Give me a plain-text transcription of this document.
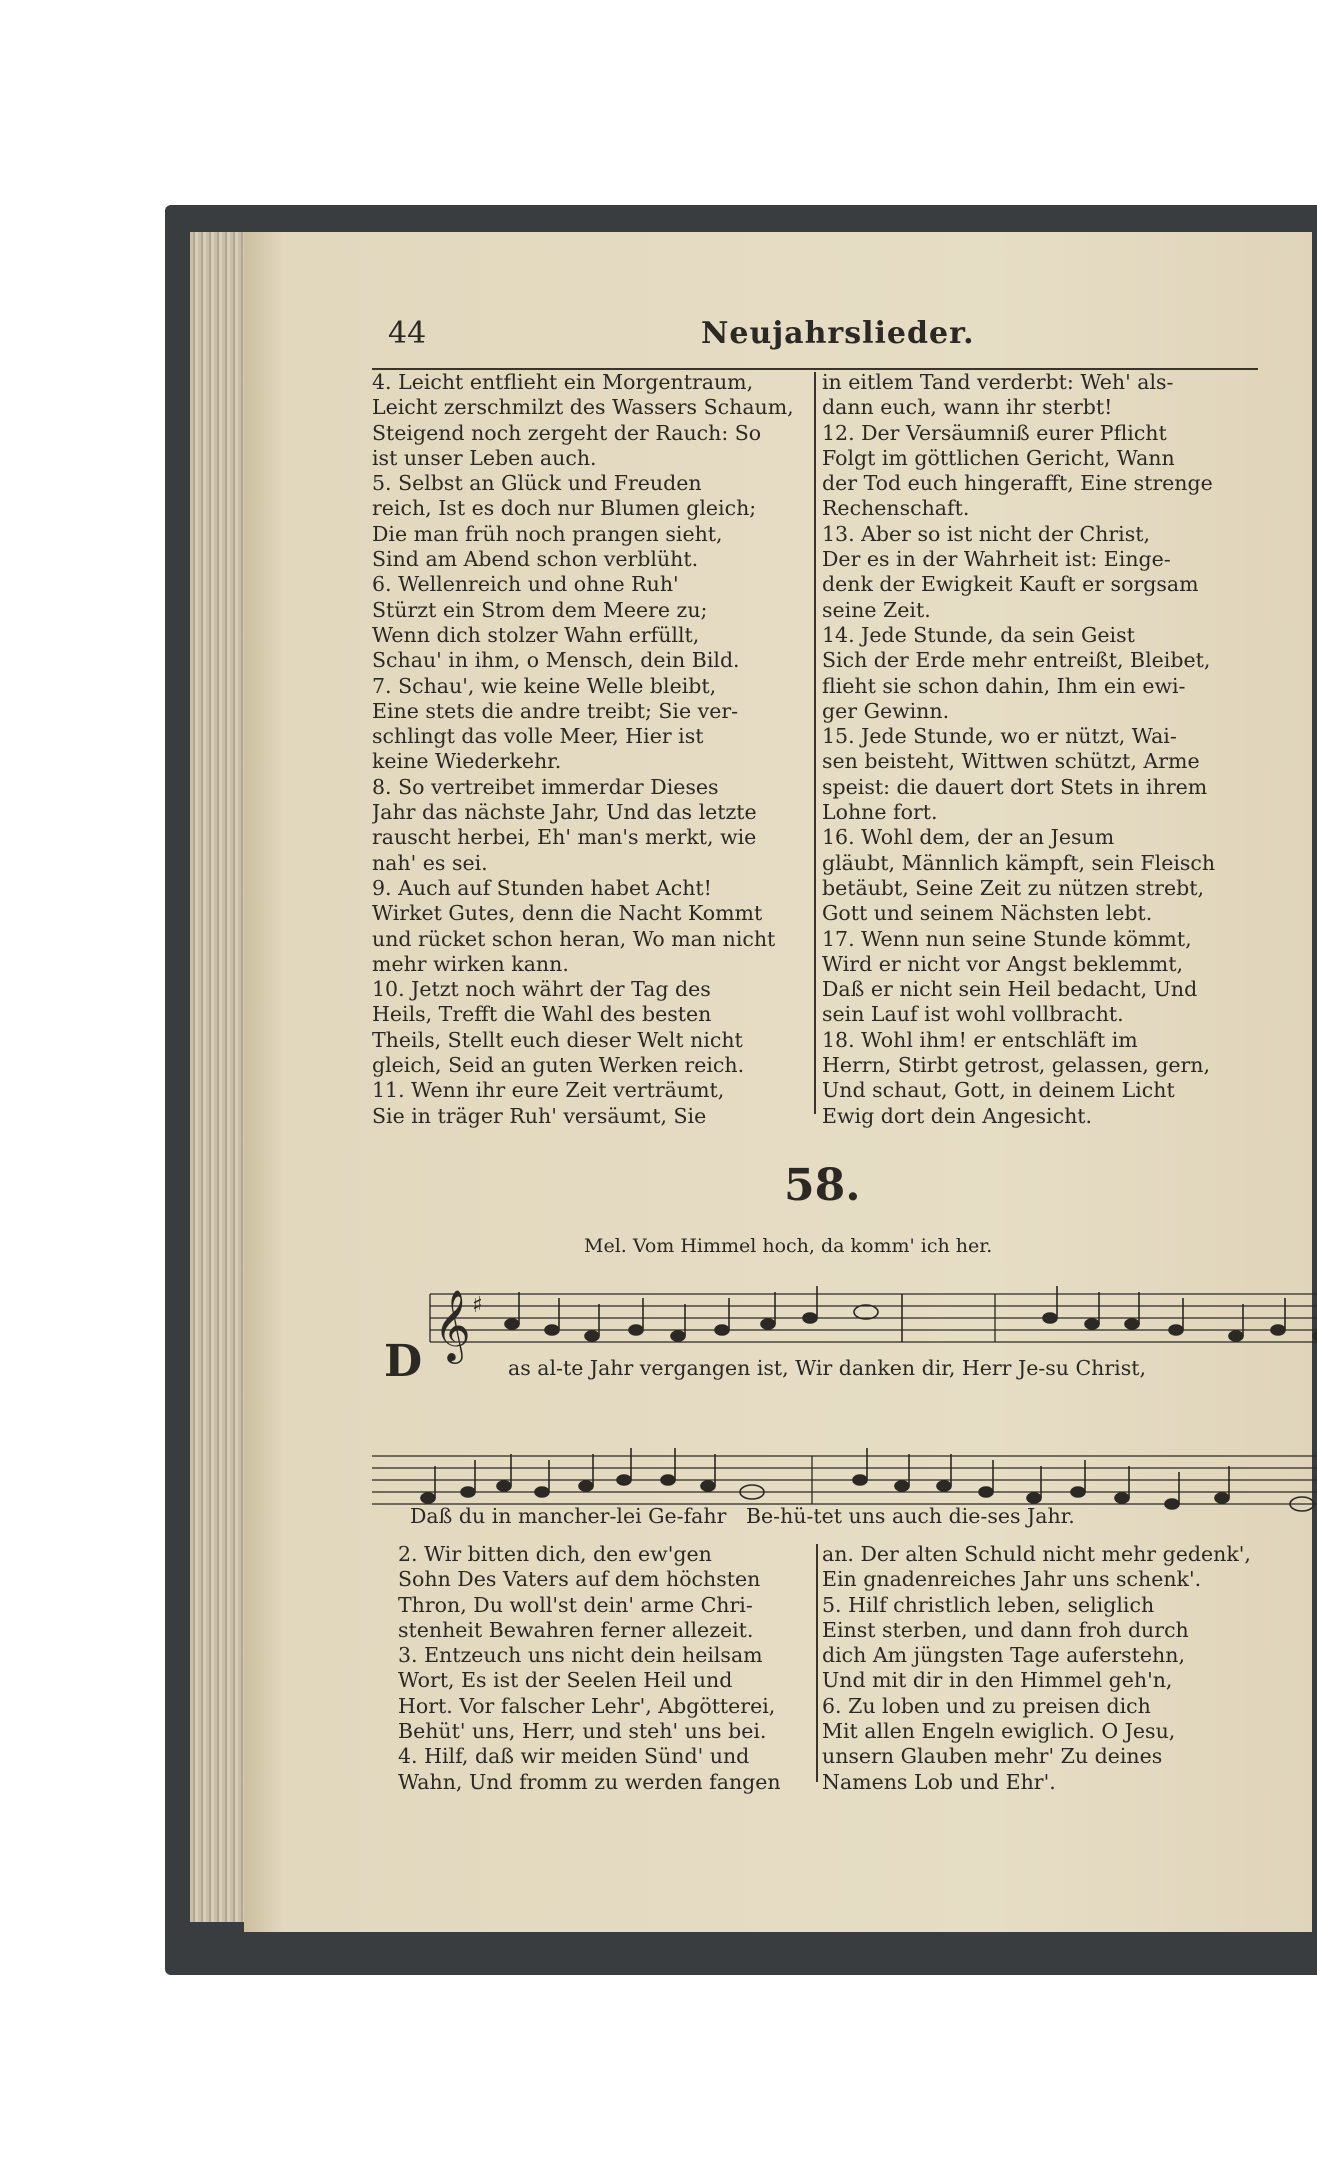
44	Neujahrslieder.
4. Leicht entflieht ein Morgentraum,
Leicht zerschmilzt des Wassers Schaum,
Steigend noch zergeht der Rauch: So
ist unser Leben auch.
5. Selbst an Glück und Freuden
reich, Ist es doch nur Blumen gleich;
Die man früh noch prangen sieht,
Sind am Abend schon verblüht.
6. Wellenreich und ohne Ruh'
Stürzt ein Strom dem Meere zu;
Wenn dich stolzer Wahn erfüllt,
Schau' in ihm, o Mensch, dein Bild.
7. Schau', wie keine Welle bleibt,
Eine stets die andre treibt; Sie ver-
schlingt das volle Meer, Hier ist
keine Wiederkehr.
8. So vertreibet immerdar Dieses
Jahr das nächste Jahr, Und das letzte
rauscht herbei, Eh' man's merkt, wie
nah' es sei.
9. Auch auf Stunden habet Acht!
Wirket Gutes, denn die Nacht Kommt
und rücket schon heran, Wo man nicht
mehr wirken kann.
10. Jetzt noch währt der Tag des
Heils, Trefft die Wahl des besten
Theils, Stellt euch dieser Welt nicht
gleich, Seid an guten Werken reich.
11. Wenn ihr eure Zeit verträumt,
Sie in träger Ruh' versäumt, Sie
in eitlem Tand verderbt: Weh' als-
dann euch, wann ihr sterbt!
12. Der Versäumniß eurer Pflicht
Folgt im göttlichen Gericht, Wann
der Tod euch hingerafft, Eine strenge
Rechenschaft.
13. Aber so ist nicht der Christ,
Der es in der Wahrheit ist: Einge-
denk der Ewigkeit Kauft er sorgsam
seine Zeit.
14. Jede Stunde, da sein Geist
Sich der Erde mehr entreißt, Bleibet,
flieht sie schon dahin, Ihm ein ewi-
ger Gewinn.
15. Jede Stunde, wo er nützt, Wai-
sen beisteht, Wittwen schützt, Arme
speist: die dauert dort Stets in ihrem
Lohne fort.
16. Wohl dem, der an Jesum
gläubt, Männlich kämpft, sein Fleisch
betäubt, Seine Zeit zu nützen strebt,
Gott und seinem Nächsten lebt.
17. Wenn nun seine Stunde kömmt,
Wird er nicht vor Angst beklemmt,
Daß er nicht sein Heil bedacht, Und
sein Lauf ist wohl vollbracht.
18. Wohl ihm! er entschläft im
Herrn, Stirbt getrost, gelassen, gern,
Und schaut, Gott, in deinem Licht
Ewig dort dein Angesicht.
58.
Mel. Vom Himmel hoch, da komm' ich her.
𝄞 ♯
D	as al-te Jahr vergangen ist, Wir danken dir, Herr Je-su Christ,
Daß du in mancher-lei Ge-fahr   Be-hü-tet uns auch die-ses Jahr.
2. Wir bitten dich, den ew'gen
Sohn Des Vaters auf dem höchsten
Thron, Du woll'st dein' arme Chri-
stenheit Bewahren ferner allezeit.
3. Entzeuch uns nicht dein heilsam
Wort, Es ist der Seelen Heil und
Hort. Vor falscher Lehr', Abgötterei,
Behüt' uns, Herr, und steh' uns bei.
4. Hilf, daß wir meiden Sünd' und
Wahn, Und fromm zu werden fangen
an. Der alten Schuld nicht mehr gedenk',
Ein gnadenreiches Jahr uns schenk'.
5. Hilf christlich leben, seliglich
Einst sterben, und dann froh durch
dich Am jüngsten Tage auferstehn,
Und mit dir in den Himmel geh'n,
6. Zu loben und zu preisen dich
Mit allen Engeln ewiglich. O Jesu,
unsern Glauben mehr' Zu deines
Namens Lob und Ehr'.
